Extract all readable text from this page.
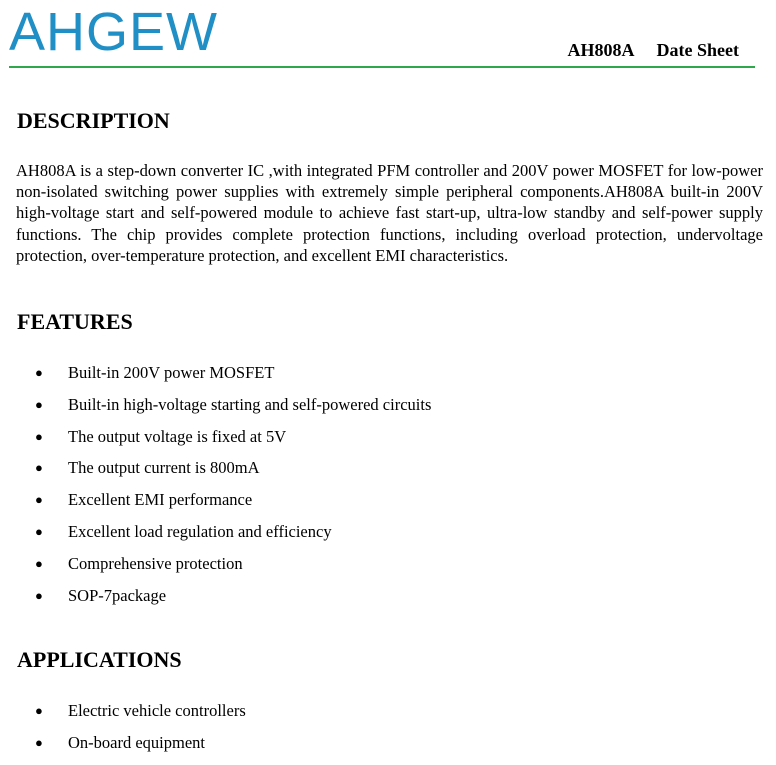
AHGEW	AH808A Date Sheet
DESCRIPTION

AH808A is a step-down converter IC ,with integrated PFM controller and 200V power MOSFET for low-power non-isolated switching power supplies with extremely simple peripheral components.AH808A built-in 200V high-voltage start and self-powered module to achieve fast start-up, ultra-low standby and self-power supply functions. The chip provides complete protection functions, including overload protection, undervoltage protection, over-temperature protection, and excellent EMI characteristics.

FEATURES
● Built-in 200V power MOSFET
● Built-in high-voltage starting and self-powered circuits
● The output voltage is fixed at 5V
● The output current is 800mA
● Excellent EMI performance
● Excellent load regulation and efficiency
● Comprehensive protection
● SOP-7package
APPLICATIONS
● Electric vehicle controllers
● On-board equipment
